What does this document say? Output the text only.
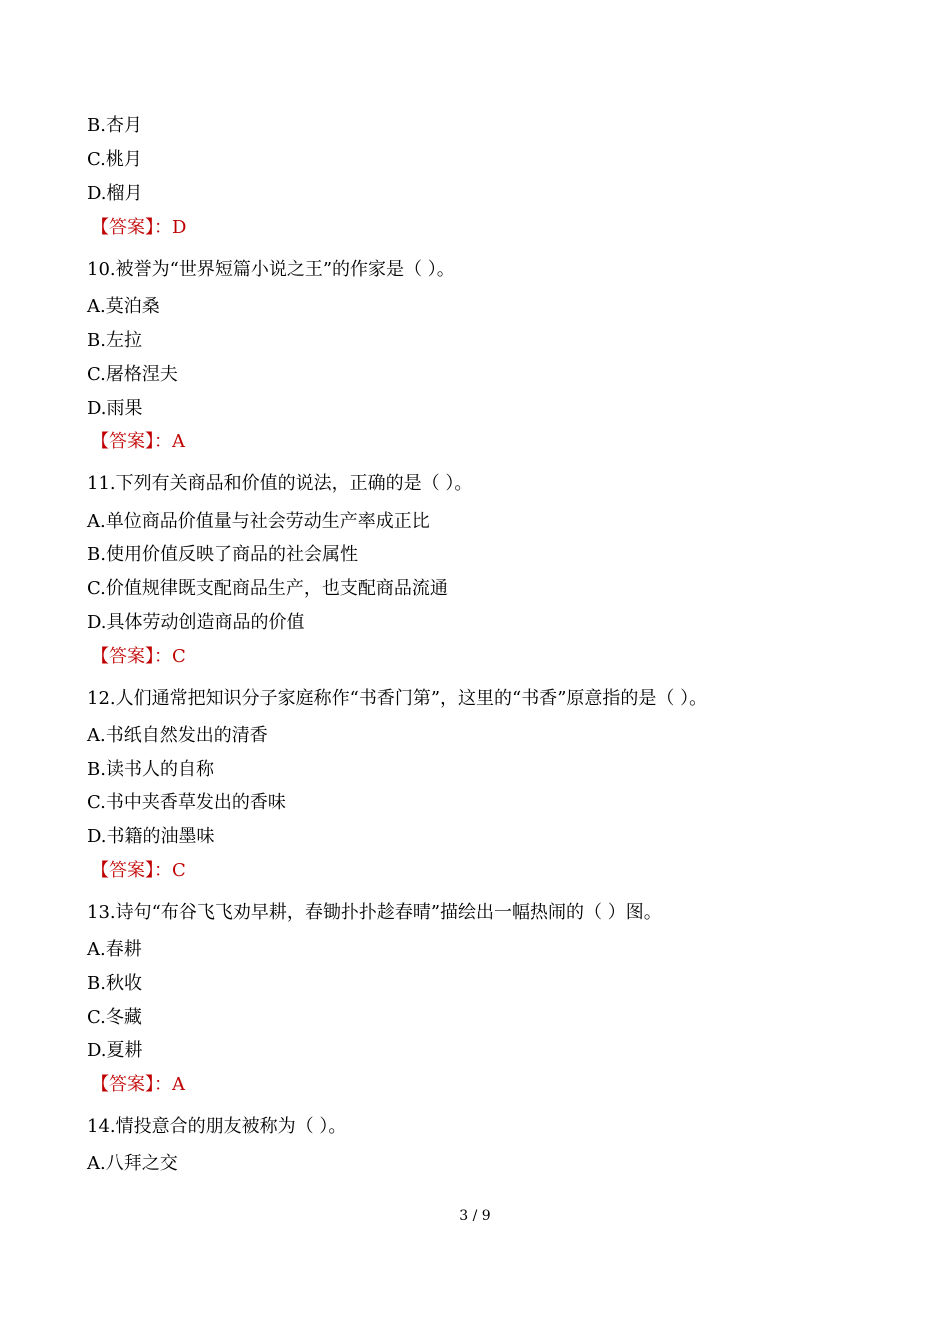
B.杏月
C.桃月
D.榴月
【答案】：D
10.被誉为“世界短篇小说之王”的作家是（ ）。
A.莫泊桑
B.左拉
C.屠格涅夫
D.雨果
【答案】：A
11.下列有关商品和价值的说法，正确的是（ ）。
A.单位商品价值量与社会劳动生产率成正比
B.使用价值反映了商品的社会属性
C.价值规律既支配商品生产，也支配商品流通
D.具体劳动创造商品的价值
【答案】：C
12.人们通常把知识分子家庭称作“书香门第”，这里的“书香”原意指的是（ ）。
A.书纸自然发出的清香
B.读书人的自称
C.书中夹香草发出的香味
D.书籍的油墨味
【答案】：C
13.诗句“布谷飞飞劝早耕，春锄扑扑趁春晴”描绘出一幅热闹的（ ）图。
A.春耕
B.秋收
C.冬藏
D.夏耕
【答案】：A
14.情投意合的朋友被称为（ ）。
A.八拜之交
3 / 9
